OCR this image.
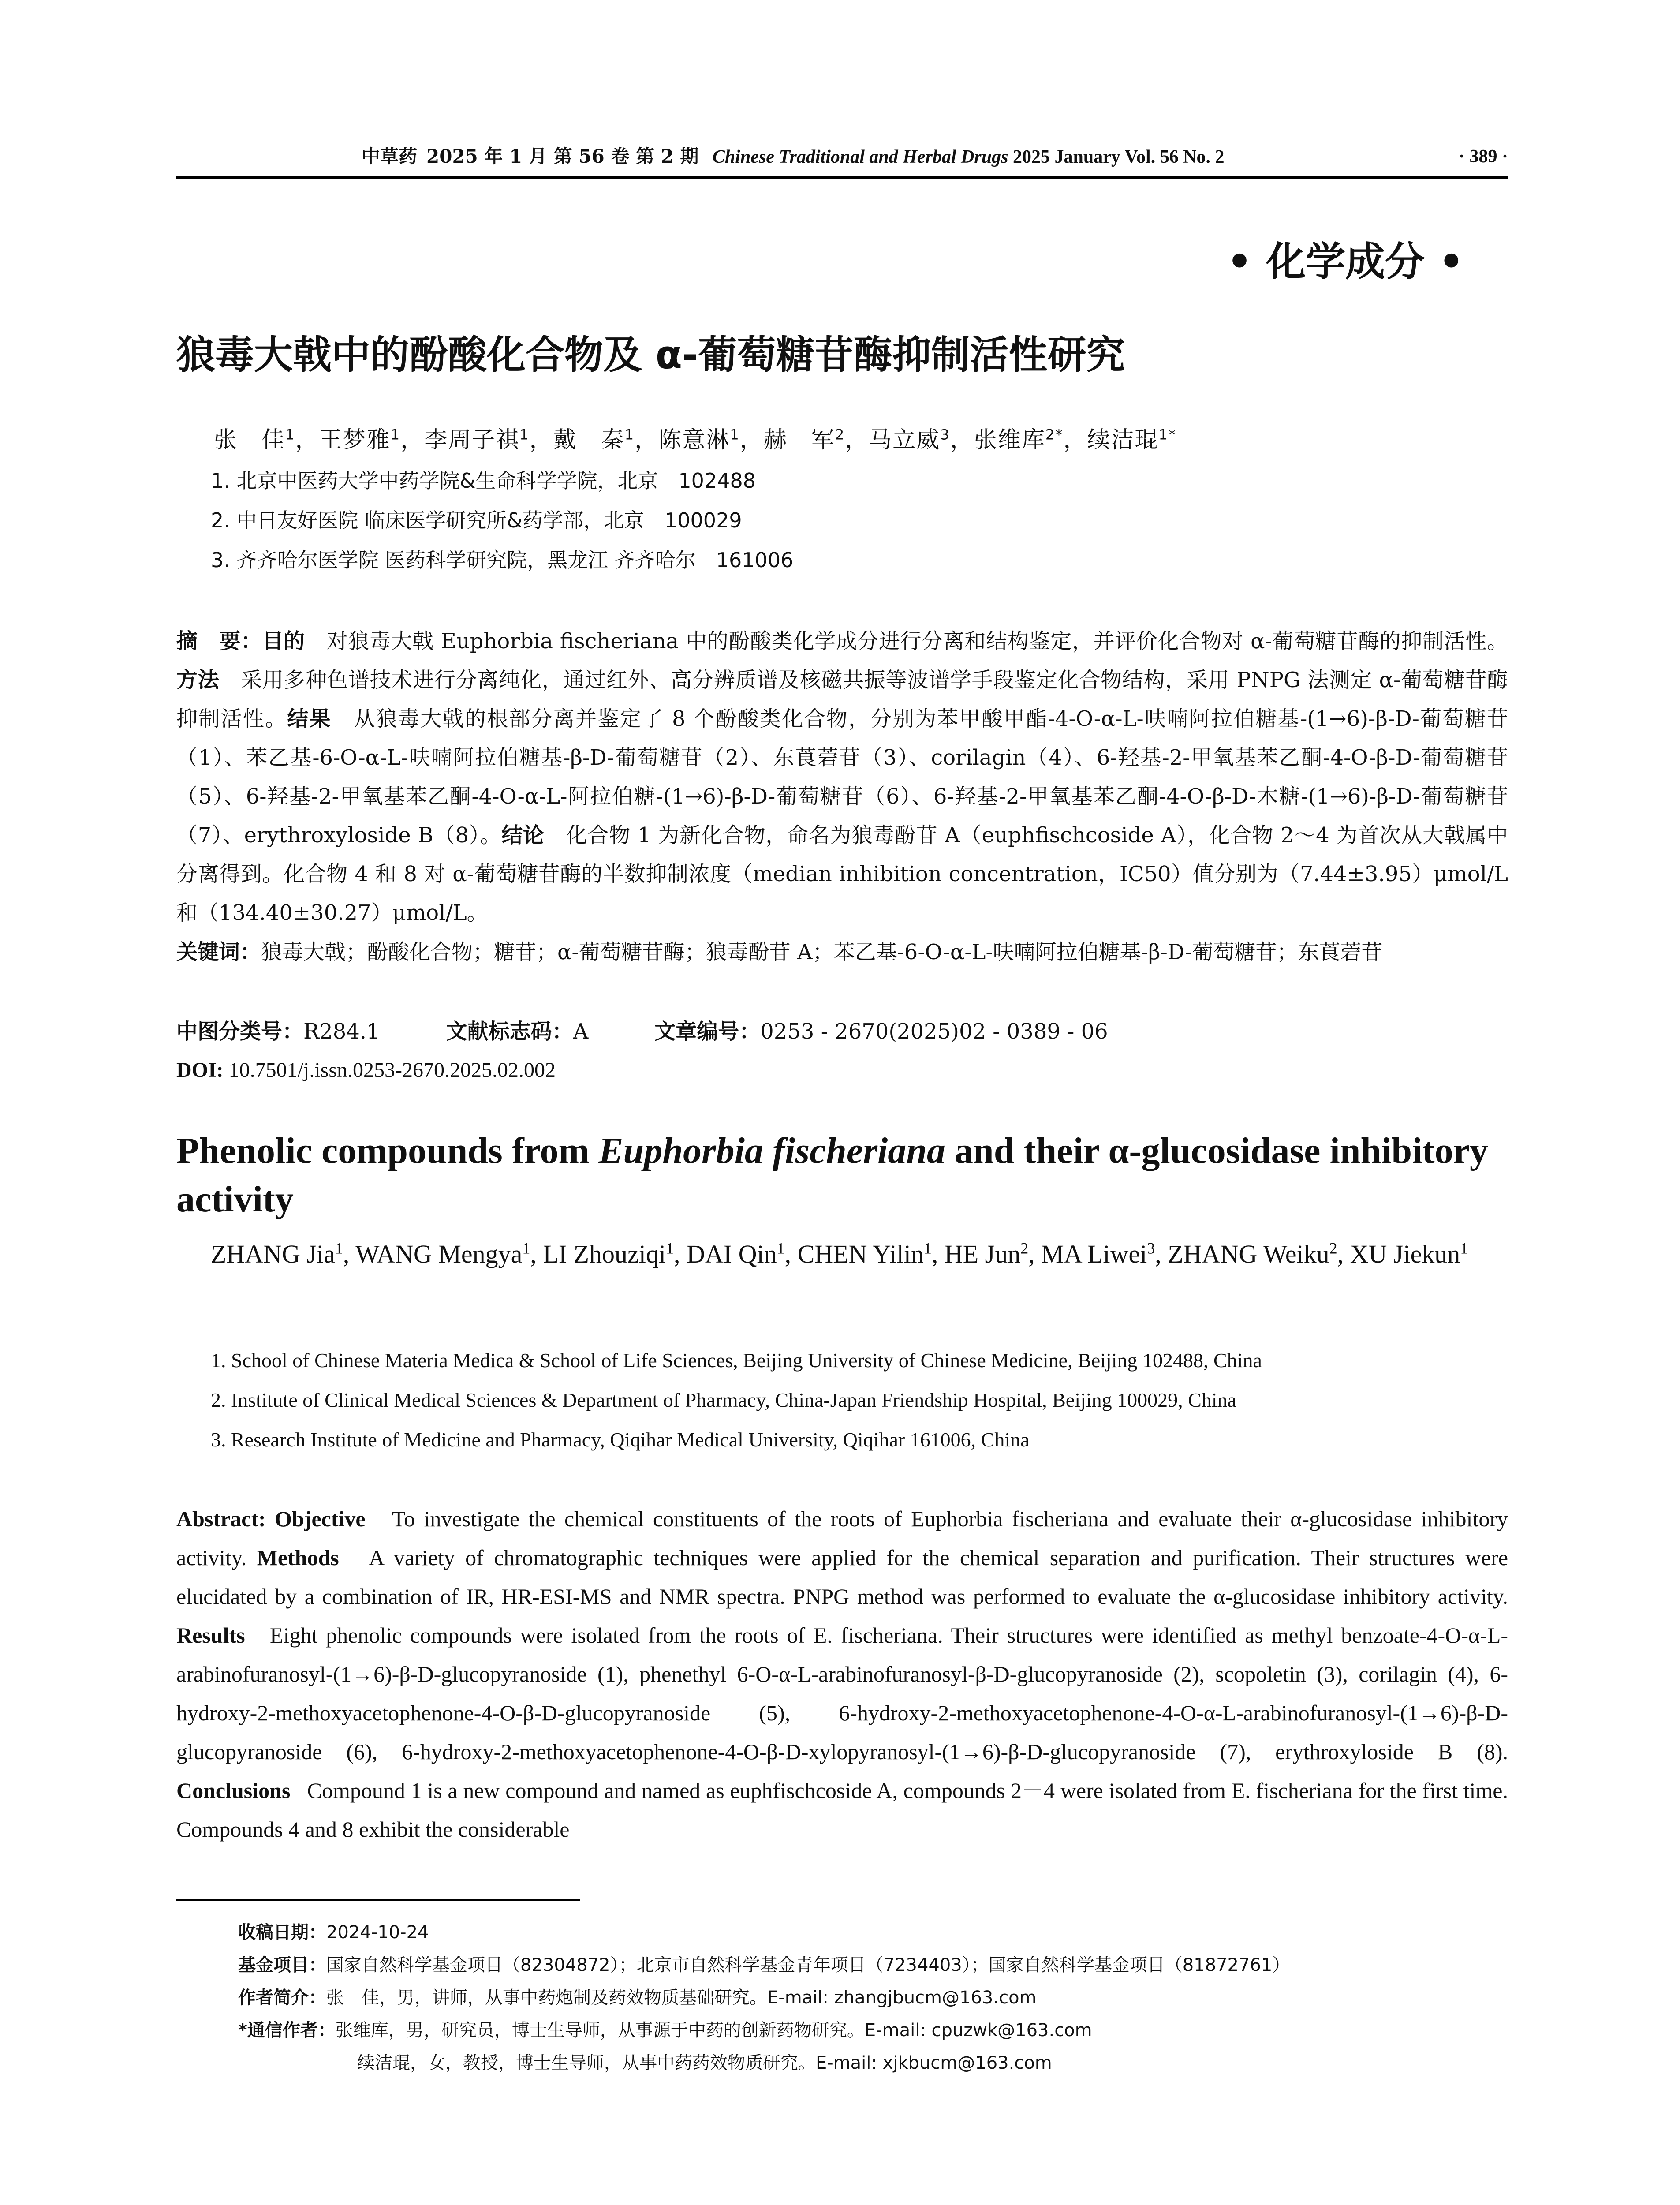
中草药 2025 年 1 月 第 56 卷 第 2 期 Chinese Traditional and Herbal Drugs 2025 January Vol. 56 No. 2	· 389 ·
• 化学成分 •
狼毒大戟中的酚酸化合物及 α-葡萄糖苷酶抑制活性研究
张　佳$^1$，王梦雅$^1$，李周子祺$^1$，戴　秦$^1$，陈意淋$^1$，赫　军$^2$，马立威$^3$，张维库$^{2*}$，续洁琨$^{1*}$
1. 北京中医药大学中药学院&生命科学学院，北京　102488
2. 中日友好医院 临床医学研究所&药学部，北京　100029
3. 齐齐哈尔医学院 医药科学研究院，黑龙江 齐齐哈尔　161006
摘　要：目的　 对狼毒大戟 Euphorbia fischeriana 中的酚酸类化学成分进行分离和结构鉴定，并评价化合物对 α-葡萄糖苷酶的抑制活性。方法　 采用多种色谱技术进行分离纯化，通过红外、高分辨质谱及核磁共振等波谱学手段鉴定化合物结构，采用 PNPG 法测定 α-葡萄糖苷酶抑制活性。结果　 从狼毒大戟的根部分离并鉴定了 8 个酚酸类化合物，分别为苯甲酸甲酯-4-O-α-L-呋喃阿拉伯糖基-(1→6)-β-D-葡萄糖苷（1）、苯乙基-6-O-α-L-呋喃阿拉伯糖基-β-D-葡萄糖苷（2）、东莨菪苷（3）、corilagin（4）、6-羟基-2-甲氧基苯乙酮-4-O-β-D-葡萄糖苷（5）、6-羟基-2-甲氧基苯乙酮-4-O-α-L-阿拉伯糖-(1→6)-β-D-葡萄糖苷（6）、6-羟基-2-甲氧基苯乙酮-4-O-β-D-木糖-(1→6)-β-D-葡萄糖苷（7）、erythroxyloside B（8）。结论　 化合物 1 为新化合物，命名为狼毒酚苷 A（euphfischcoside A），化合物 2～4 为首次从大戟属中分离得到。化合物 4 和 8 对 α-葡萄糖苷酶的半数抑制浓度（median inhibition concentration，IC50）值分别为（7.44±3.95）μmol/L 和（134.40±30.27）μmol/L。
关键词：狼毒大戟；酚酸化合物；糖苷；α-葡萄糖苷酶；狼毒酚苷 A；苯乙基-6-O-α-L-呋喃阿拉伯糖基-β-D-葡萄糖苷；东莨菪苷
中图分类号：R284.1	文献标志码：A	文章编号：0253 - 2670(2025)02 - 0389 - 06
DOI: 10.7501/j.issn.0253-2670.2025.02.002
Phenolic compounds from Euphorbia fischeriana and their α-glucosidase inhibitory activity
ZHANG Jia$^1$, WANG Mengya$^1$, LI Zhouziqi$^1$, DAI Qin$^1$, CHEN Yilin$^1$, HE Jun$^2$, MA Liwei$^3$, ZHANG Weiku$^2$, XU Jiekun$^1$
1. School of Chinese Materia Medica & School of Life Sciences, Beijing University of Chinese Medicine, Beijing 102488, China
2. Institute of Clinical Medical Sciences & Department of Pharmacy, China-Japan Friendship Hospital, Beijing 100029, China
3. Research Institute of Medicine and Pharmacy, Qiqihar Medical University, Qiqihar 161006, China
Abstract: Objective To investigate the chemical constituents of the roots of Euphorbia fischeriana and evaluate their α-glucosidase inhibitory activity. Methods A variety of chromatographic techniques were applied for the chemical separation and purification. Their structures were elucidated by a combination of IR, HR-ESI-MS and NMR spectra. PNPG method was performed to evaluate the α-glucosidase inhibitory activity. Results Eight phenolic compounds were isolated from the roots of E. fischeriana. Their structures were identified as methyl benzoate-4-O-α-L-arabinofuranosyl-(1→6)-β-D-glucopyranoside (1), phenethyl 6-O-α-L-arabinofuranosyl-β-D-glucopyranoside (2), scopoletin (3), corilagin (4), 6-hydroxy-2-methoxyacetophenone-4-O-β-D-glucopyranoside (5), 6-hydroxy-2-methoxyacetophenone-4-O-α-L-arabinofuranosyl-(1→6)-β-D-glucopyranoside (6), 6-hydroxy-2-methoxyacetophenone-4-O-β-D-xylopyranosyl-(1→6)-β-D-glucopyranoside (7), erythroxyloside B (8). Conclusions Compound 1 is a new compound and named as euphfischcoside A, compounds 2－4 were isolated from E. fischeriana for the first time. Compounds 4 and 8 exhibit the considerable
收稿日期：2024-10-24
基金项目：国家自然科学基金项目（82304872）；北京市自然科学基金青年项目（7234403）；国家自然科学基金项目（81872761）
作者简介：张　佳，男，讲师，从事中药炮制及药效物质基础研究。E-mail: zhangjbucm@163.com
*通信作者：张维库，男，研究员，博士生导师，从事源于中药的创新药物研究。E-mail: cpuzwk@163.com
续洁琨，女，教授，博士生导师，从事中药药效物质研究。E-mail: xjkbucm@163.com
